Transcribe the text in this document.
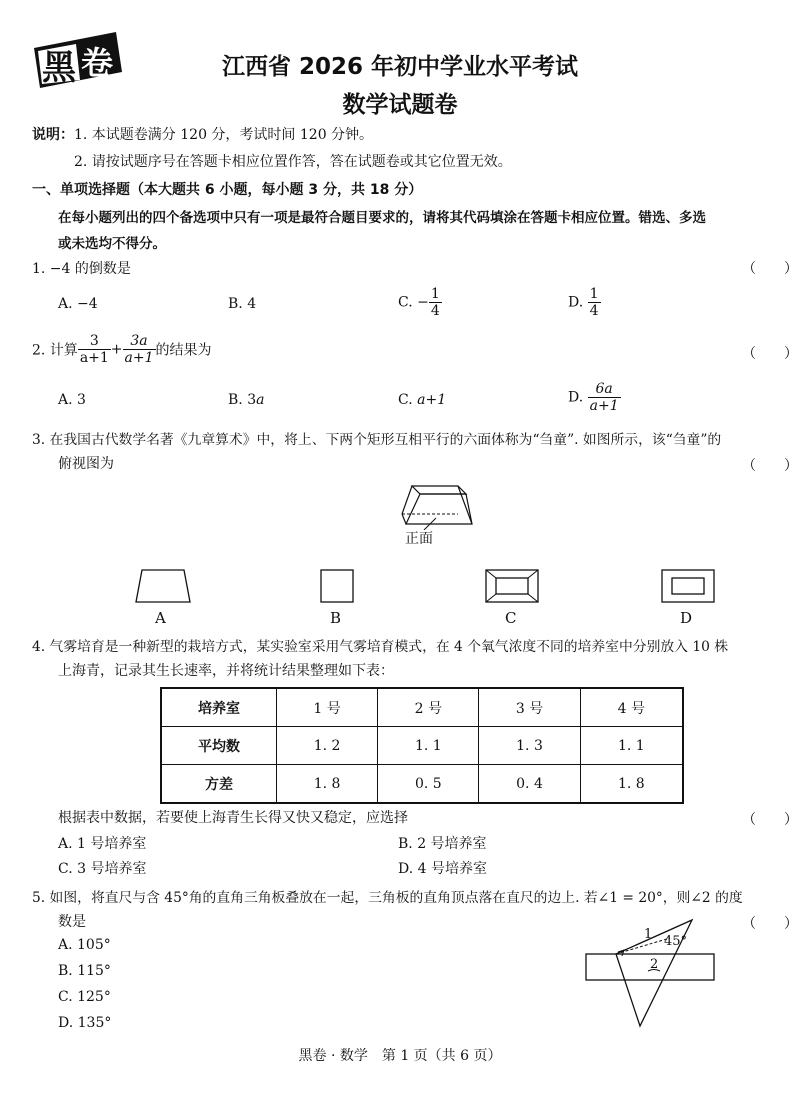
黑 卷	江西省 2026 年初中学业水平考试
数学试题卷
说明：1. 本试题卷满分 120 分，考试时间 120 分钟。
2. 请按试题序号在答题卡相应位置作答，答在试题卷或其它位置无效。
一、单项选择题（本大题共 6 小题，每小题 3 分，共 18 分）
在每小题列出的四个备选项中只有一项是最符合题目要求的，请将其代码填涂在答题卡相应位置。错选、多选
或未选均不得分。
1. −4 的倒数是	（　　）
A. −4	B. 4	C. − $\frac{1}{4}$	D. $\frac{1}{4}$
2. 计算 $\frac{3}{a+1} + \frac{3a}{a+1}$ 的结果为	（　　）
A. 3	B. 3a	C. a+1	D. $\frac{6a}{a+1}$
3. 在我国古代数学名著《九章算术》中，将上、下两个矩形互相平行的六面体称为“刍童”. 如图所示，该“刍童”的
俯视图为	（　　）
正面
A	B	C	D
4. 气雾培育是一种新型的栽培方式，某实验室采用气雾培育模式，在 4 个氧气浓度不同的培养室中分别放入 10 株
上海青，记录其生长速率，并将统计结果整理如下表：
培养室	1 号	2 号	3 号	4 号
平均数	1. 2	1. 1	1. 3	1. 1
方差	1. 8	0. 5	0. 4	1. 8
根据表中数据，若要使上海青生长得又快又稳定，应选择	（　　）
A. 1 号培养室	B. 2 号培养室
C. 3 号培养室	D. 4 号培养室
5. 如图，将直尺与含 45°角的直角三角板叠放在一起，三角板的直角顶点落在直尺的边上. 若∠1 = 20°，则∠2 的度
数是	（　　）
A. 105°
B. 115°
C. 125°
D. 135°
1 45°
2
黑卷 · 数学　第 1 页（共 6 页）
